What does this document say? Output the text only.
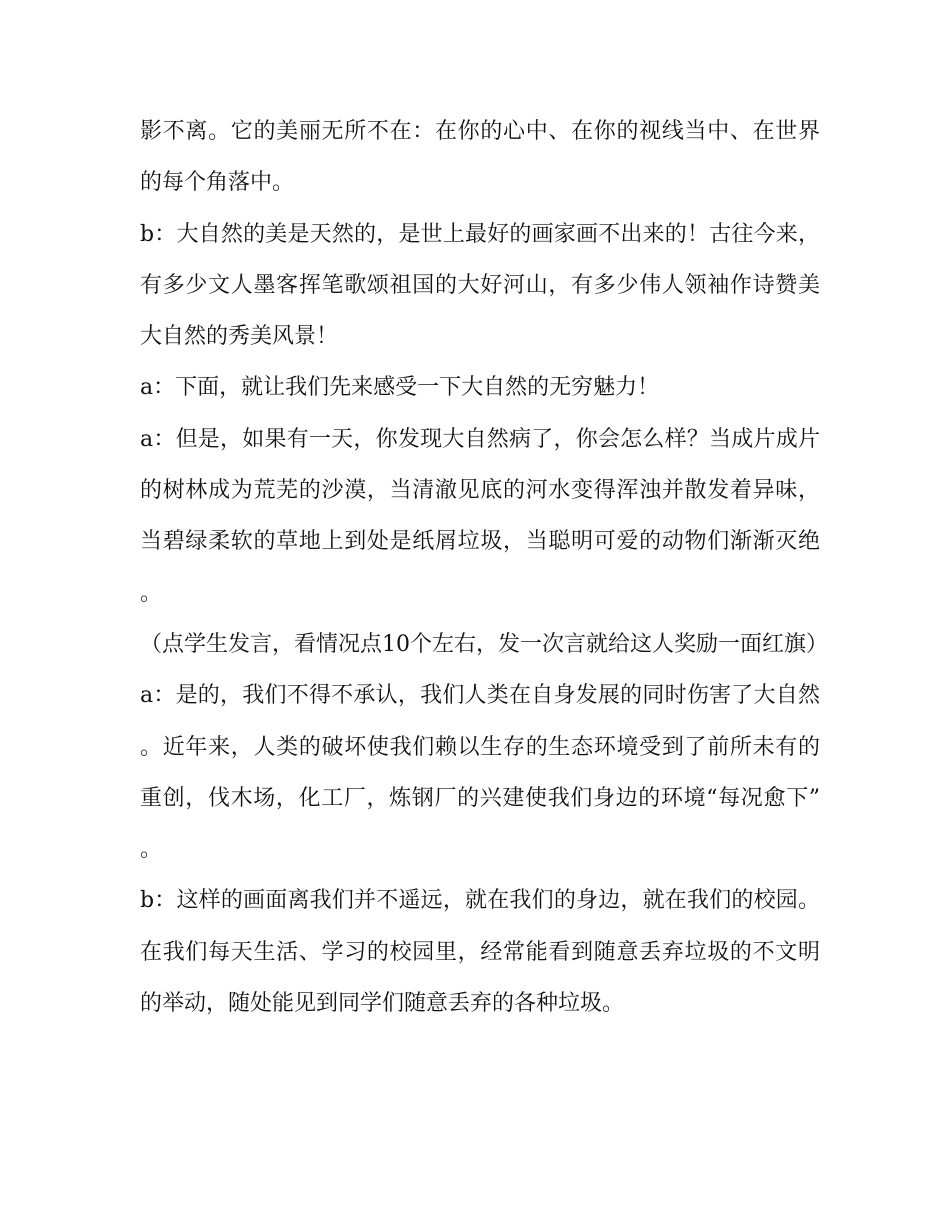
影不离。它的美丽无所不在：在你的心中、在你的视线当中、在世界的每个角落中。

b：大自然的美是天然的，是世上最好的画家画不出来的！古往今来，有多少文人墨客挥笔歌颂祖国的大好河山，有多少伟人领袖作诗赞美大自然的秀美风景！

a：下面，就让我们先来感受一下大自然的无穷魅力！

a：但是，如果有一天，你发现大自然病了，你会怎么样？当成片成片的树林成为荒芜的沙漠，当清澈见底的河水变得浑浊并散发着异味，当碧绿柔软的草地上到处是纸屑垃圾，当聪明可爱的动物们渐渐灭绝。

（点学生发言，看情况点10个左右，发一次言就给这人奖励一面红旗）

a：是的，我们不得不承认，我们人类在自身发展的同时伤害了大自然。近年来，人类的破坏使我们赖以生存的生态环境受到了前所未有的重创，伐木场，化工厂，炼钢厂的兴建使我们身边的环境“每况愈下”。

b：这样的画面离我们并不遥远，就在我们的身边，就在我们的校园。在我们每天生活、学习的校园里，经常能看到随意丢弃垃圾的不文明的举动，随处能见到同学们随意丢弃的各种垃圾。
